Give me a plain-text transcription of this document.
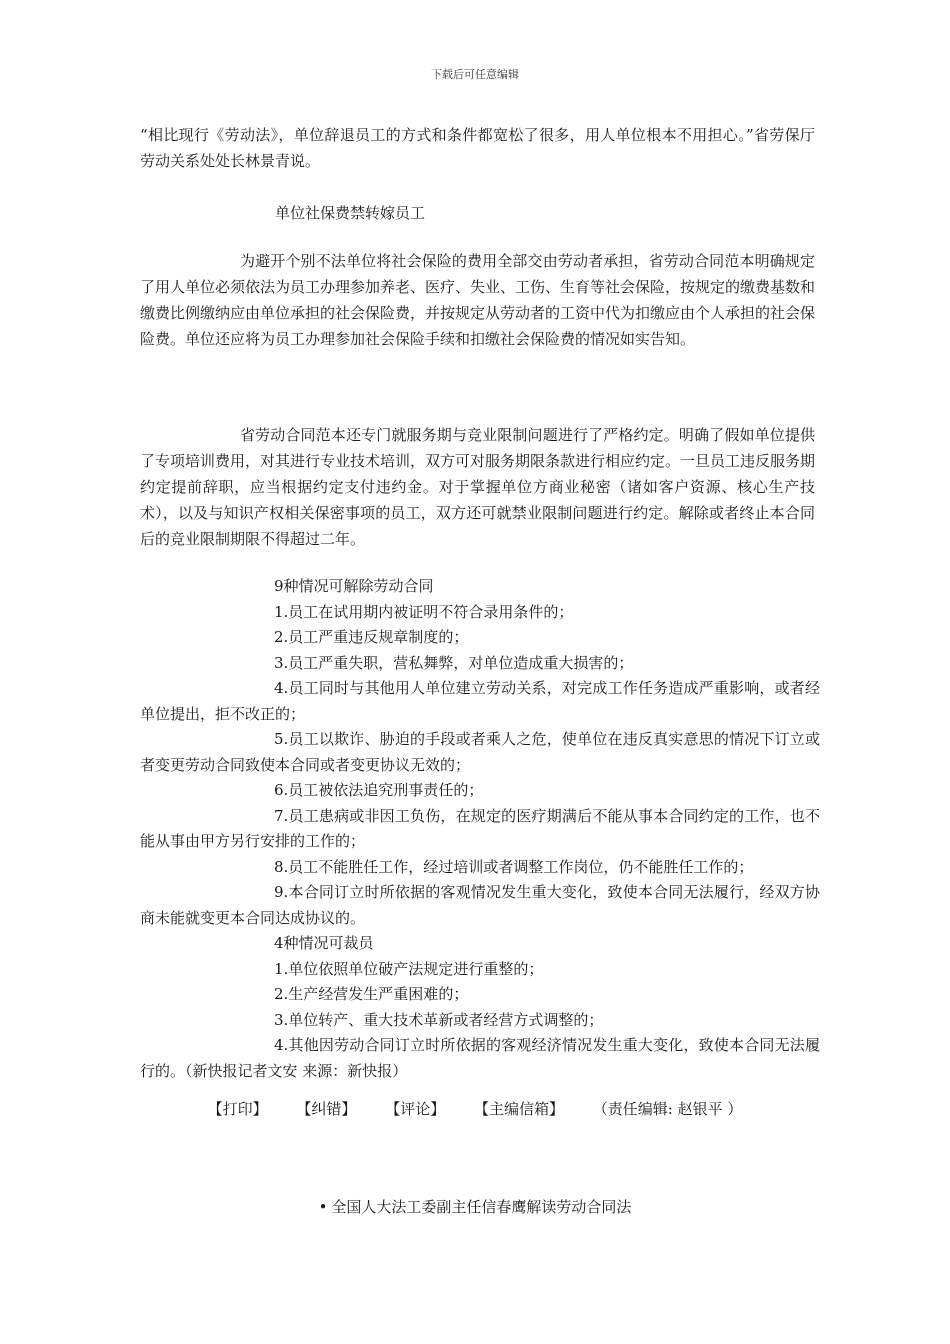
下载后可任意编辑

“相比现行《劳动法》，单位辞退员工的方式和条件都宽松了很多，用人单位根本不用担心。”省劳保厅劳动关系处处长林景青说。

单位社保费禁转嫁员工

为避开个别不法单位将社会保险的费用全部交由劳动者承担，省劳动合同范本明确规定了用人单位必须依法为员工办理参加养老、医疗、失业、工伤、生育等社会保险，按规定的缴费基数和缴费比例缴纳应由单位承担的社会保险费，并按规定从劳动者的工资中代为扣缴应由个人承担的社会保险费。单位还应将为员工办理参加社会保险手续和扣缴社会保险费的情况如实告知。

省劳动合同范本还专门就服务期与竞业限制问题进行了严格约定。明确了假如单位提供了专项培训费用，对其进行专业技术培训，双方可对服务期限条款进行相应约定。一旦员工违反服务期约定提前辞职，应当根据约定支付违约金。对于掌握单位方商业秘密（诸如客户资源、核心生产技术），以及与知识产权相关保密事项的员工，双方还可就禁业限制问题进行约定。解除或者终止本合同后的竞业限制期限不得超过二年。

9种情况可解除劳动合同

1.员工在试用期内被证明不符合录用条件的；

2.员工严重违反规章制度的；

3.员工严重失职，营私舞弊，对单位造成重大损害的；

4.员工同时与其他用人单位建立劳动关系，对完成工作任务造成严重影响，或者经单位提出，拒不改正的；

5.员工以欺诈、胁迫的手段或者乘人之危，使单位在违反真实意思的情况下订立或者变更劳动合同致使本合同或者变更协议无效的；

6.员工被依法追究刑事责任的；

7.员工患病或非因工负伤，在规定的医疗期满后不能从事本合同约定的工作，也不能从事由甲方另行安排的工作的；

8.员工不能胜任工作，经过培训或者调整工作岗位，仍不能胜任工作的；

9.本合同订立时所依据的客观情况发生重大变化，致使本合同无法履行，经双方协商未能就变更本合同达成协议的。

4种情况可裁员

1.单位依照单位破产法规定进行重整的；

2.生产经营发生严重困难的；

3.单位转产、重大技术革新或者经营方式调整的；

4.其他因劳动合同订立时所依据的客观经济情况发生重大变化，致使本合同无法履行的。（新快报记者文安 来源：新快报）

【打印】 【纠错】 【评论】 【主编信箱】 （责任编辑: 赵银平 ）
• 全国人大法工委副主任信春鹰解读劳动合同法
